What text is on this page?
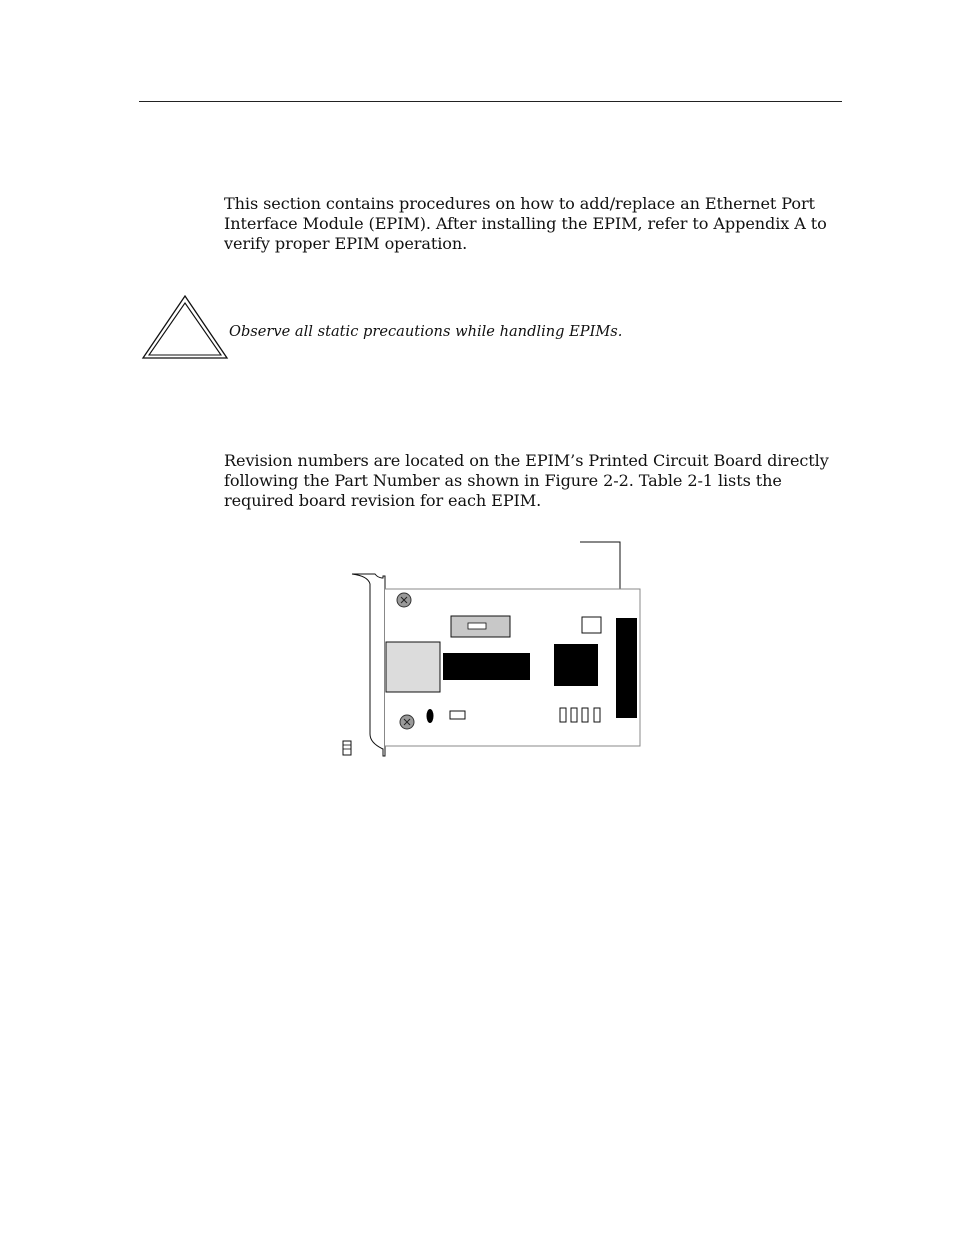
This section contains procedures on how to add/replace an Ethernet Port Interface Module (EPIM). After installing the EPIM, refer to Appendix A to verify proper EPIM operation.

Observe all static precautions while handling EPIMs.

Revision numbers are located on the EPIM’s Printed Circuit Board directly following the Part Number as shown in Figure 2-2. Table 2-1 lists the required board revision for each EPIM.
